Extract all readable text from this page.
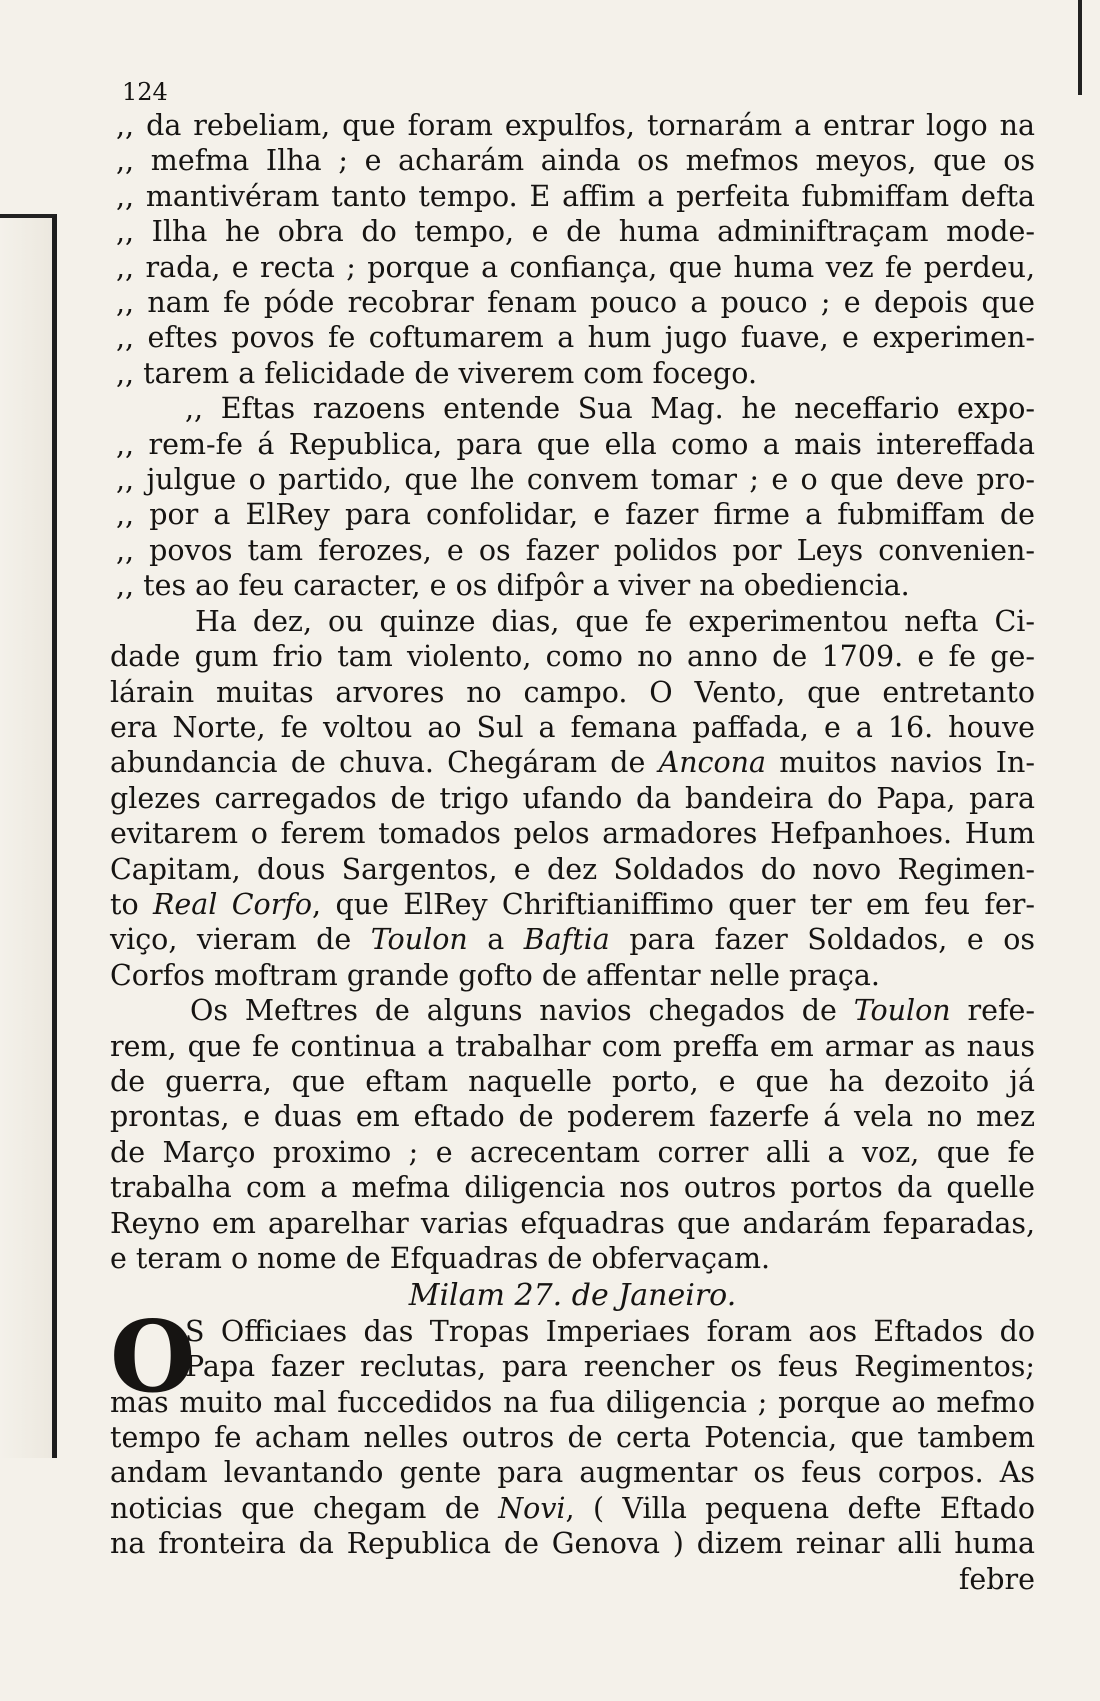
124
,, da rebeliam, que foram expulfos, tornarám a entrar logo na
,, mefma Ilha ; e acharám ainda os mefmos meyos, que os
,, mantivéram tanto tempo. E affim a perfeita fubmiffam defta
,, Ilha he obra do tempo, e de huma adminiftraçam mode-
,, rada, e recta ; porque a confiança, que huma vez fe perdeu,
,, nam fe póde recobrar fenam pouco a pouco ; e depois que
,, eftes povos fe coftumarem a hum jugo fuave, e experimen-
,, tarem a felicidade de viverem com focego.
,, Eftas razoens entende Sua Mag. he neceffario expo-
,, rem-fe á Republica, para que ella como a mais intereffada
,, julgue o partido, que lhe convem tomar ; e o que deve pro-
,, por a ElRey para confolidar, e fazer firme a fubmiffam de
,, povos tam ferozes, e os fazer polidos por Leys convenien-
,, tes ao feu caracter, e os difpôr a viver na obediencia.
Ha dez, ou quinze dias, que fe experimentou nefta Ci-
dade gum frio tam violento, como no anno de 1709. e fe ge-
lárain muitas arvores no campo. O Vento, que entretanto
era Norte, fe voltou ao Sul a femana paffada, e a 16. houve
abundancia de chuva. Chegáram de Ancona muitos navios In-
glezes carregados de trigo ufando da bandeira do Papa, para
evitarem o ferem tomados pelos armadores Hefpanhoes. Hum
Capitam, dous Sargentos, e dez Soldados do novo Regimen-
to Real Corfo, que ElRey Chriftianiffimo quer ter em feu fer-
viço, vieram de Toulon a Baftia para fazer Soldados, e os
Corfos moftram grande gofto de affentar nelle praça.
Os Meftres de alguns navios chegados de Toulon refe-
rem, que fe continua a trabalhar com preffa em armar as naus
de guerra, que eftam naquelle porto, e que ha dezoito já
prontas, e duas em eftado de poderem fazerfe á vela no mez
de Março proximo ; e acrecentam correr alli a voz, que fe
trabalha com a mefma diligencia nos outros portos da quelle
Reyno em aparelhar varias efquadras que andarám feparadas,
e teram o nome de Efquadras de obfervaçam.
Milam 27. de Janeiro.
O
S Officiaes das Tropas Imperiaes foram aos Eftados do
Papa fazer reclutas, para reencher os feus Regimentos;
mas muito mal fuccedidos na fua diligencia ; porque ao mefmo
tempo fe acham nelles outros de certa Potencia, que tambem
andam levantando gente para augmentar os feus corpos. As
noticias que chegam de Novi, ( Villa pequena defte Eftado
na fronteira da Republica de Genova ) dizem reinar alli huma
febre
